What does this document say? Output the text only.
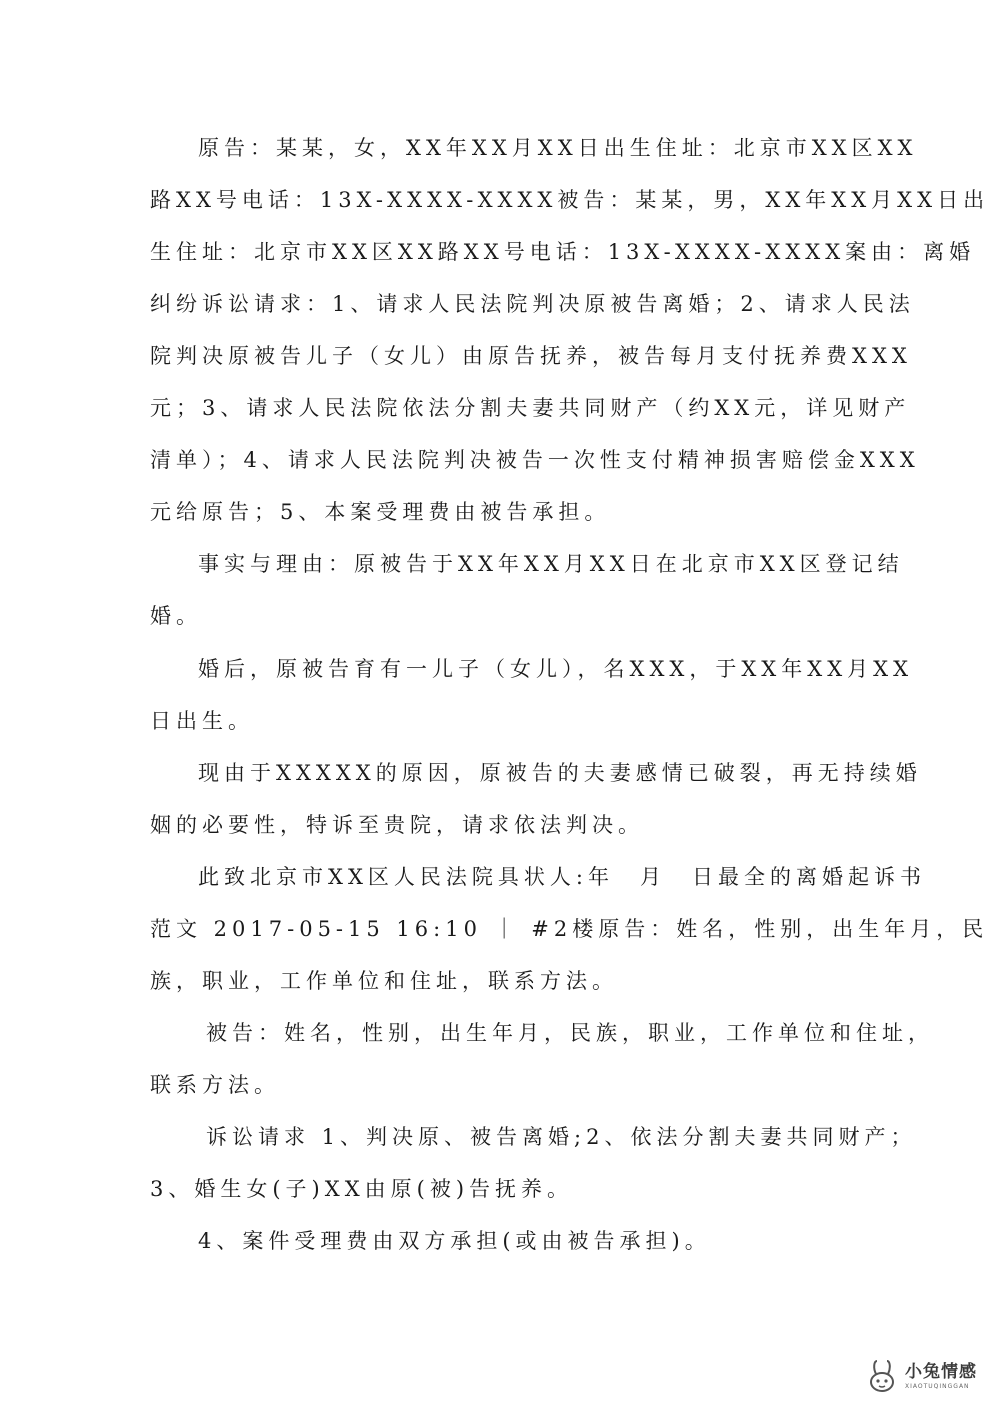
原告：某某，女，XX年XX月XX日出生住址：北京市XX区XX
路XX号电话：13X-XXXX-XXXX被告：某某，男，XX年XX月XX日出
生住址：北京市XX区XX路XX号电话：13X-XXXX-XXXX案由：离婚
纠纷诉讼请求：1、请求人民法院判决原被告离婚；2、请求人民法
院判决原被告儿子（女儿）由原告抚养，被告每月支付抚养费XXX
元；3、请求人民法院依法分割夫妻共同财产（约XX元，详见财产
清单）；4、请求人民法院判决被告一次性支付精神损害赔偿金XXX
元给原告；5、本案受理费由被告承担。
事实与理由：原被告于XX年XX月XX日在北京市XX区登记结
婚。
婚后，原被告育有一儿子（女儿），名XXX，于XX年XX月XX
日出生。
现由于XXXXX的原因，原被告的夫妻感情已破裂，再无持续婚
姻的必要性，特诉至贵院，请求依法判决。
此致北京市XX区人民法院具状人:年　月　日最全的离婚起诉书
范文 2017-05-15 16:10 ｜ #2楼原告：姓名，性别，出生年月，民
族，职业，工作单位和住址，联系方法。
被告：姓名，性别，出生年月，民族，职业，工作单位和住址，
联系方法。
诉讼请求 1、判决原、被告离婚;2、依法分割夫妻共同财产；
3、婚生女(子)XX由原(被)告抚养。
4、案件受理费由双方承担(或由被告承担)。
小兔情感
XIAOTUQINGGAN
